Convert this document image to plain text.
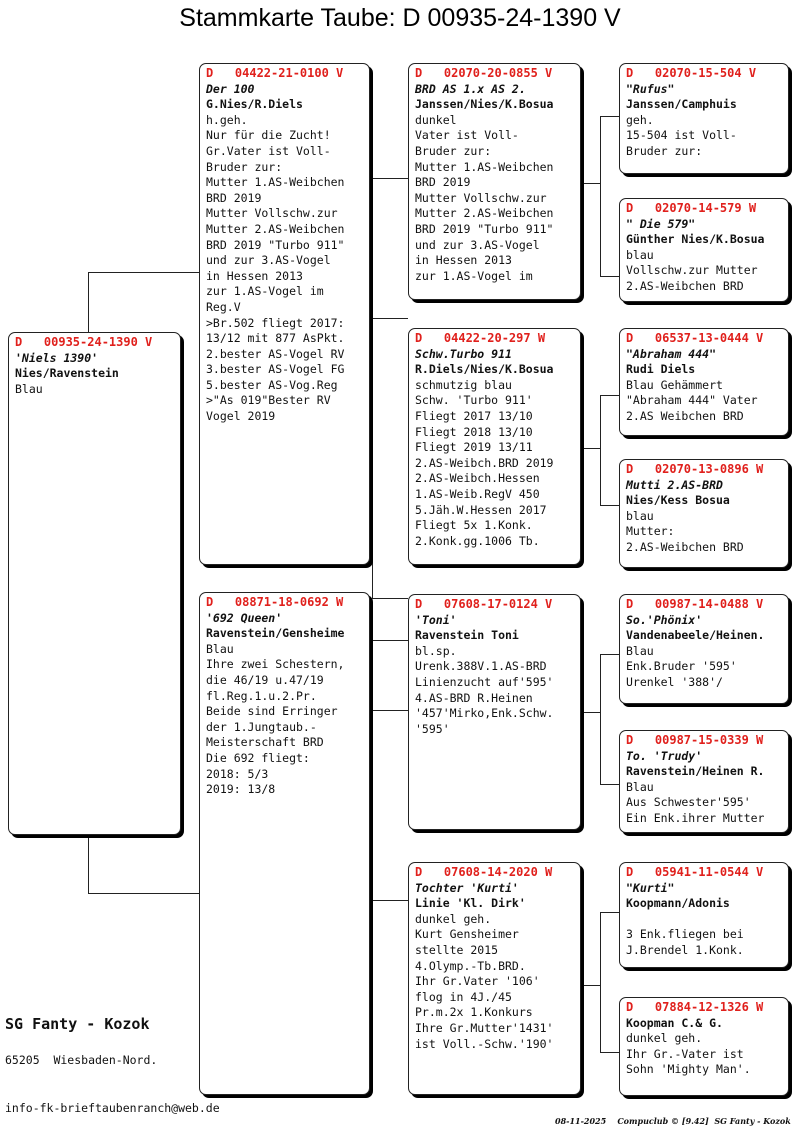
Stammkarte Taube: D 00935-24-1390 V
D   00935-24-1390 V
'Niels 1390'
Nies/Ravenstein
Blau
D   04422-21-0100 V
Der 100
G.Nies/R.Diels
h.geh.
Nur für die Zucht!
Gr.Vater ist Voll-
Bruder zur:
Mutter 1.AS-Weibchen
BRD 2019
Mutter Vollschw.zur
Mutter 2.AS-Weibchen
BRD 2019 "Turbo 911"
und zur 3.AS-Vogel
in Hessen 2013
zur 1.AS-Vogel im
Reg.V
>Br.502 fliegt 2017:
13/12 mit 877 AsPkt.
2.bester AS-Vogel RV
3.bester AS-Vogel FG
5.bester AS-Vog.Reg
>"As 019"Bester RV
Vogel 2019
D   08871-18-0692 W
'692 Queen'
Ravenstein/Gensheime
Blau
Ihre zwei Schestern,
die 46/19 u.47/19
fl.Reg.1.u.2.Pr.
Beide sind Erringer
der 1.Jungtaub.-
Meisterschaft BRD
Die 692 fliegt:
2018: 5/3
2019: 13/8
D   02070-20-0855 V
BRD AS 1.x AS 2.
Janssen/Nies/K.Bosua
dunkel
Vater ist Voll-
Bruder zur:
Mutter 1.AS-Weibchen
BRD 2019
Mutter Vollschw.zur
Mutter 2.AS-Weibchen
BRD 2019 "Turbo 911"
und zur 3.AS-Vogel
in Hessen 2013
zur 1.AS-Vogel im
D   04422-20-297 W
Schw.Turbo 911
R.Diels/Nies/K.Bosua
schmutzig blau
Schw. 'Turbo 911'
Fliegt 2017 13/10
Fliegt 2018 13/10
Fliegt 2019 13/11
2.AS-Weibch.BRD 2019
2.AS-Weibch.Hessen
1.AS-Weib.RegV 450
5.Jäh.W.Hessen 2017
Fliegt 5x 1.Konk.
2.Konk.gg.1006 Tb.
D   07608-17-0124 V
'Toni'
Ravenstein Toni
bl.sp.
Urenk.388V.1.AS-BRD
Linienzucht auf'595'
4.AS-BRD R.Heinen
'457'Mirko,Enk.Schw.
'595'
D   07608-14-2020 W
Tochter 'Kurti'
Linie 'Kl. Dirk'
dunkel geh.
Kurt Gensheimer
stellte 2015
4.Olymp.-Tb.BRD.
Ihr Gr.Vater '106'
flog in 4J./45
Pr.m.2x 1.Konkurs
Ihre Gr.Mutter'1431'
ist Voll.-Schw.'190'
D   02070-15-504 V
"Rufus"
Janssen/Camphuis
geh.
15-504 ist Voll-
Bruder zur:
D   02070-14-579 W
" Die 579"
Günther Nies/K.Bosua
blau
Vollschw.zur Mutter
2.AS-Weibchen BRD
D   06537-13-0444 V
"Abraham 444"
Rudi Diels
Blau Gehämmert
"Abraham 444" Vater
2.AS Weibchen BRD
D   02070-13-0896 W
Mutti 2.AS-BRD
Nies/Kess Bosua
blau
Mutter:
2.AS-Weibchen BRD
D   00987-14-0488 V
So.'Phönix'
Vandenabeele/Heinen.
Blau
Enk.Bruder '595'
Urenkel '388'/
D   00987-15-0339 W
To. 'Trudy'
Ravenstein/Heinen R.
Blau
Aus Schwester'595'
Ein Enk.ihrer Mutter
D   05941-11-0544 V
"Kurti"
Koopmann/Adonis
3 Enk.fliegen bei
J.Brendel 1.Konk.
D   07884-12-1326 W
Koopman C.& G.
dunkel geh.
Ihr Gr.-Vater ist
Sohn 'Mighty Man'.
SG Fanty - Kozok
65205  Wiesbaden-Nord.
info-fk-brieftaubenranch@web.de
08-11-2025    Compuclub © [9.42]  SG Fanty - Kozok
